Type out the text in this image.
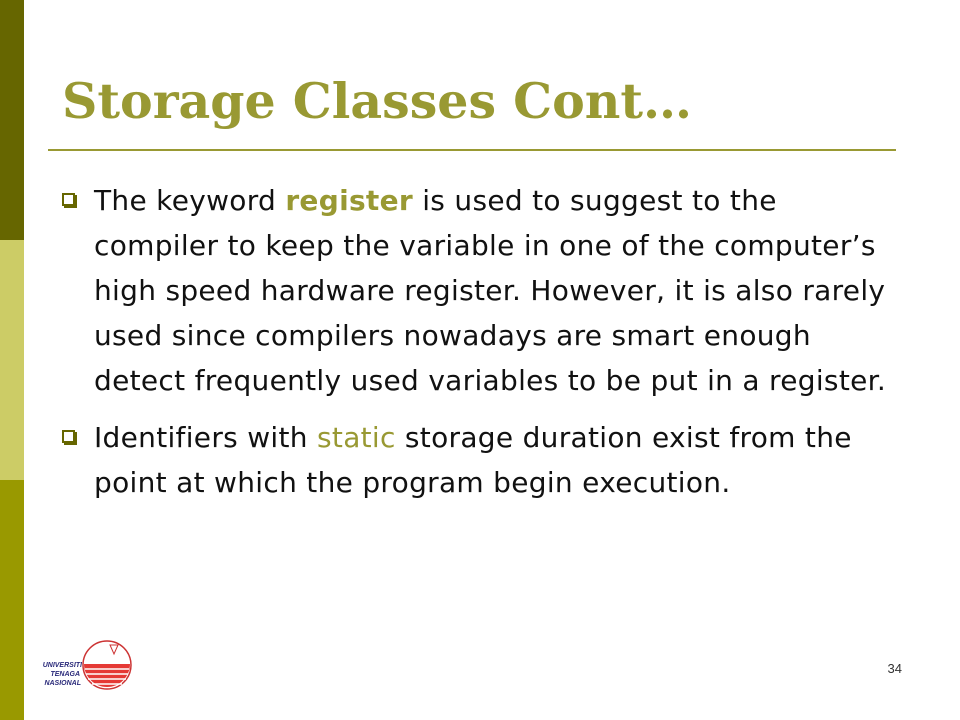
Storage Classes Cont…
The keyword register is used to suggest to the compiler to keep the variable in one of the computer’s high speed hardware register. However, it is also rarely used since compilers nowadays are smart enough detect frequently used variables to be put in a register.
Identifiers with static storage duration exist from the point at which the program begin execution.
UNIVERSITI
TENAGA
NASIONAL
34
